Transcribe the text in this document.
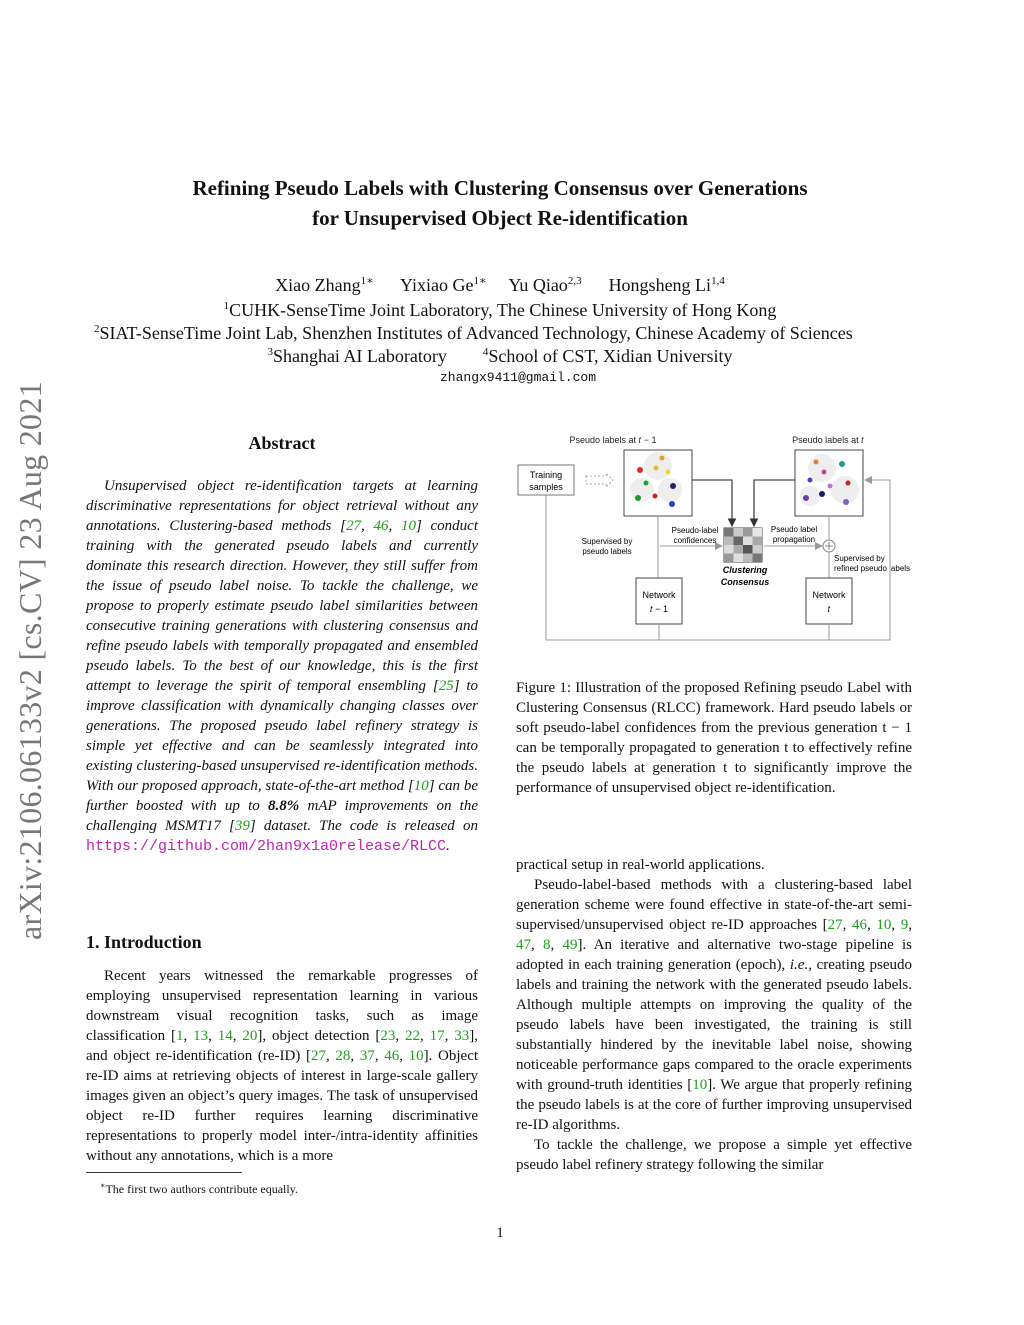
arXiv:2106.06133v2 [cs.CV] 23 Aug 2021
Refining Pseudo Labels with Clustering Consensus over Generations
for Unsupervised Object Re-identification
Xiao Zhang$^{1∗}$ Yixiao $Ge^{1∗}$ Yu Qiao$^{2,3}$ Hongsheng Li$^{1,4}$
$^1$CUHK-SenseTime Joint Laboratory, The Chinese University of Hong Kong
$^2$SIAT-SenseTime Joint Lab, Shenzhen Institutes of Advanced Technology, Chinese Academy of Sciences
$^3$Shanghai AI Laboratory	$^4$School of CST, Xidian University
zhangx9411@gmail.com
Abstract

Unsupervised object re-identification targets at learning discriminative representations for object retrieval without any annotations. Clustering-based methods [27, 46, 10] conduct training with the generated pseudo labels and currently dominate this research direction. However, they still suffer from the issue of pseudo label noise. To tackle the challenge, we propose to properly estimate pseudo label similarities between consecutive training generations with clustering consensus and refine pseudo labels with temporally propagated and ensembled pseudo labels. To the best of our knowledge, this is the first attempt to leverage the spirit of temporal ensembling [25] to improve classification with dynamically changing classes over generations. The proposed pseudo label refinery strategy is simple yet effective and can be seamlessly integrated into existing clustering-based unsupervised re-identification methods. With our proposed approach, state-of-the-art method [10] can be further boosted with up to 8.8% mAP improvements on the challenging MSMT17 [39] dataset. The code is released on https://github.com/2han9x1a0release/RLCC.

1. Introduction

Recent years witnessed the remarkable progresses of employing unsupervised representation learning in various downstream visual recognition tasks, such as image classification [1, 13, 14, 20], object detection [23, 22, 17, 33], and object re-identification (re-ID) [27, 28, 37, 46, 10]. Object re-ID aims at retrieving objects of interest in large-scale gallery images given an object’s query images. The task of unsupervised object re-ID further requires learning discriminative representations to properly model inter-/intra-identity affinities without any annotations, which is a more

∗The first two authors contribute equally.
Pseudo labels at 𝑡 − 1	Pseudo labels at 𝑡
Training
samples
Clustering
Consensus
Pseudo-label
confidences
Pseudo label
propagation
Supervised by
pseudo labels
Supervised by
refined pseudo labels
Network
𝑡 − 1
Network
𝑡
Figure 1: Illustration of the proposed Refining pseudo Label with Clustering Consensus (RLCC) framework. Hard pseudo labels or soft pseudo-label confidences from the previous generation t − 1 can be temporally propagated to generation t to effectively refine the pseudo labels at generation t to significantly improve the performance of unsupervised object re-identification.

practical setup in real-world applications.

Pseudo-label-based methods with a clustering-based label generation scheme were found effective in state-of-the-art semi-supervised/unsupervised object re-ID approaches [27, 46, 10, 9, 47, 8, 49]. An iterative and alternative two-stage pipeline is adopted in each training generation (epoch), i.e., creating pseudo labels and training the network with the generated pseudo labels. Although multiple attempts on improving the quality of the pseudo labels have been investigated, the training is still substantially hindered by the inevitable label noise, showing noticeable performance gaps compared to the oracle experiments with ground-truth identities [10]. We argue that properly refining the pseudo labels is at the core of further improving unsupervised re-ID algorithms.

To tackle the challenge, we propose a simple yet effective pseudo label refinery strategy following the similar

1
